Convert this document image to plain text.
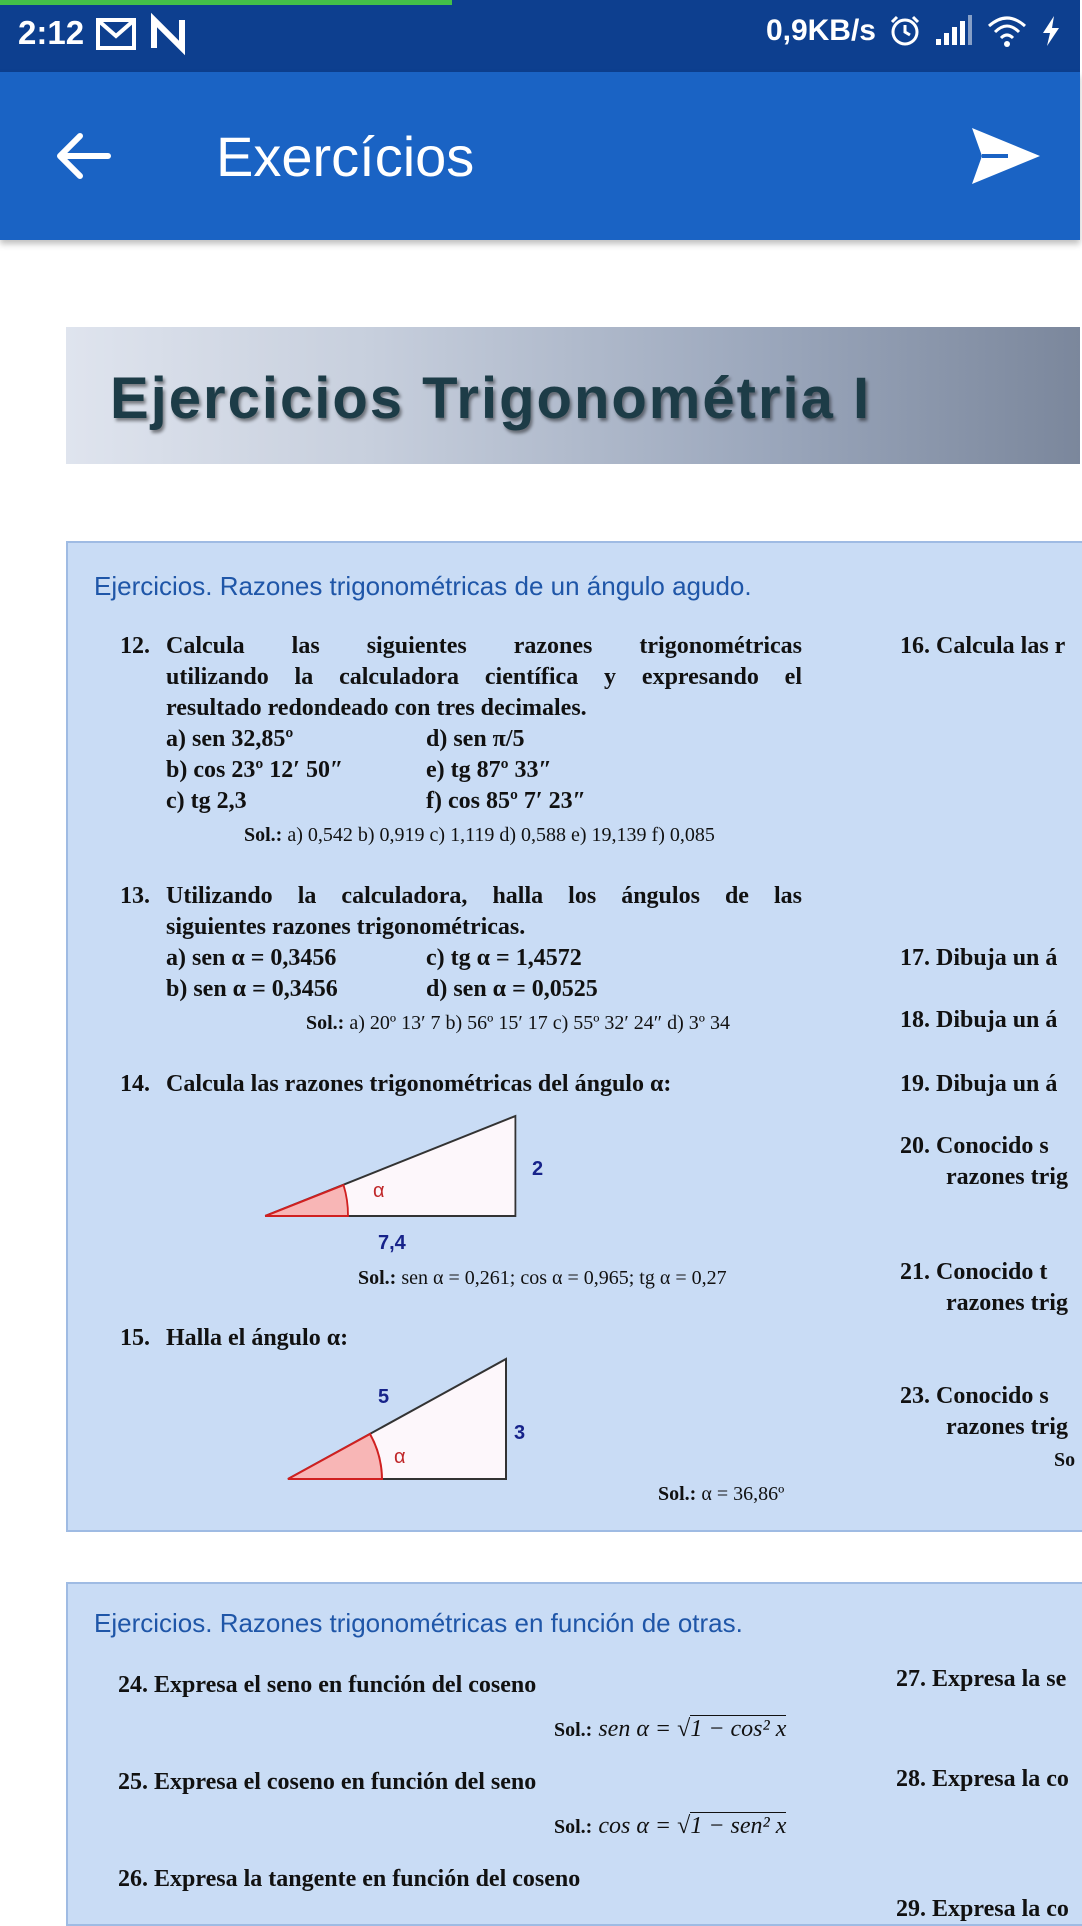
2:12	0,9KB/s
Exercícios
Ejercicios Trigonométria I
Ejercicios. Razones trigonométricas de un ángulo agudo.
12. Calcula las siguientes razones trigonométricas
utilizando la calculadora científica y expresando el
resultado redondeado con tres decimales.
a) sen 32,85º	d) sen π/5
b) cos 23º 12′ 50″	e) tg 87º 33″
c) tg 2,3	f) cos 85º 7′ 23″
Sol.: a) 0,542 b) 0,919 c) 1,119 d) 0,588 e) 19,139 f) 0,085
13. Utilizando la calculadora, halla los ángulos de las
siguientes razones trigonométricas.
a) sen α = 0,3456	c) tg α = 1,4572
b) sen α = 0,3456	d) sen α = 0,0525
Sol.: a) 20º 13′ 7 b) 56º 15′ 17 c) 55º 32′ 24″ d) 3º 34
14. Calcula las razones trigonométricas del ángulo α:
α
2
7,4
Sol.: sen α = 0,261; cos α = 0,965; tg α = 0,27
15. Halla el ángulo α:
α
3
5
Sol.: α = 36,86º
16. Calcula las r
17. Dibuja un á
18. Dibuja un á
19. Dibuja un á
20. Conocido s
razones trig
21. Conocido t
razones trig
23. Conocido s
razones trig
So
Ejercicios. Razones trigonométricas en función de otras.
24. Expresa el seno en función del coseno
Sol.: sen α = √1 − cos² x
25. Expresa el coseno en función del seno
Sol.: cos α = √1 − sen² x
26. Expresa la tangente en función del coseno
27. Expresa la se
28. Expresa la co
29. Expresa la co
